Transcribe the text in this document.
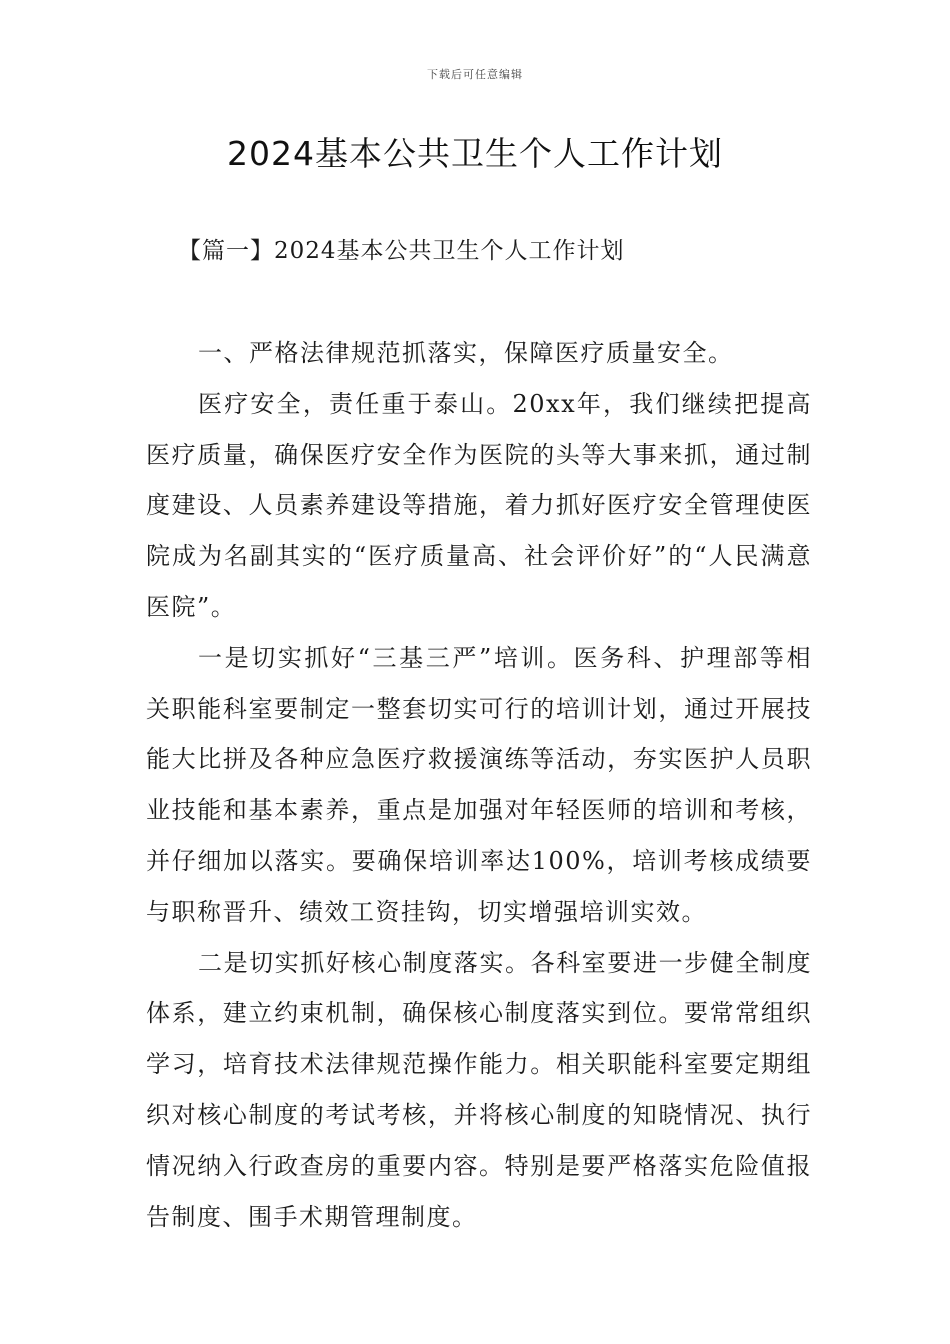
下载后可任意编辑
2024基本公共卫生个人工作计划
【篇一】2024基本公共卫生个人工作计划

一、严格法律规范抓落实，保障医疗质量安全。

医疗安全，责任重于泰山。20xx年，我们继续把提高医疗质量，确保医疗安全作为医院的头等大事来抓，通过制度建设、人员素养建设等措施，着力抓好医疗安全管理使医院成为名副其实的“医疗质量高、社会评价好”的“人民满意医院”。

一是切实抓好“三基三严”培训。医务科、护理部等相关职能科室要制定一整套切实可行的培训计划，通过开展技能大比拼及各种应急医疗救援演练等活动，夯实医护人员职业技能和基本素养，重点是加强对年轻医师的培训和考核，并仔细加以落实。要确保培训率达100%，培训考核成绩要与职称晋升、绩效工资挂钩，切实增强培训实效。

二是切实抓好核心制度落实。各科室要进一步健全制度体系，建立约束机制，确保核心制度落实到位。要常常组织学习，培育技术法律规范操作能力。相关职能科室要定期组织对核心制度的考试考核，并将核心制度的知晓情况、执行情况纳入行政查房的重要内容。特别是要严格落实危险值报告制度、围手术期管理制度。
